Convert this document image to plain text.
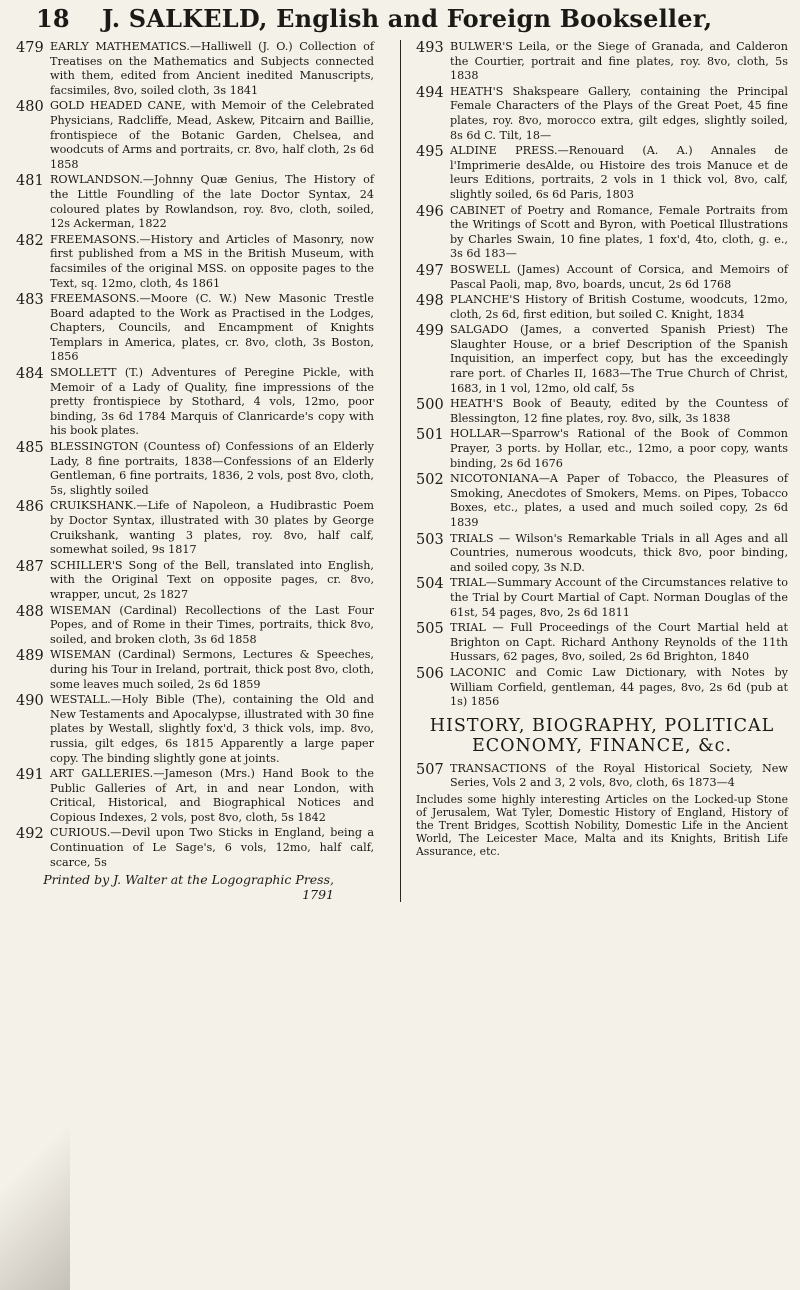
18 J. SALKELD, English and Foreign Bookseller,
479 EARLY MATHEMATICS.—Halliwell (J. O.) Collection of Treatises on the Mathematics and Subjects connected with them, edited from Ancient inedited Manuscripts, facsimiles, 8vo, soiled cloth, 3s 1841
480 GOLD HEADED CANE, with Memoir of the Celebrated Physicians, Radcliffe, Mead, Askew, Pitcairn and Baillie, frontispiece of the Botanic Garden, Chelsea, and woodcuts of Arms and portraits, cr. 8vo, half cloth, 2s 6d 1858
481 ROWLANDSON.—Johnny Quæ Genius, The History of the Little Foundling of the late Doctor Syntax, 24 coloured plates by Rowlandson, roy. 8vo, cloth, soiled, 12s Ackerman, 1822
482 FREEMASONS.—History and Articles of Masonry, now first published from a MS in the British Museum, with facsimiles of the original MSS. on opposite pages to the Text, sq. 12mo, cloth, 4s 1861
483 FREEMASONS.—Moore (C. W.) New Masonic Trestle Board adapted to the Work as Practised in the Lodges, Chapters, Councils, and Encampment of Knights Templars in America, plates, cr. 8vo, cloth, 3s Boston, 1856
484 SMOLLETT (T.) Adventures of Peregine Pickle, with Memoir of a Lady of Quality, fine impressions of the pretty frontispiece by Stothard, 4 vols, 12mo, poor binding, 3s 6d 1784 Marquis of Clanricarde's copy with his book plates.
485 BLESSINGTON (Countess of) Confessions of an Elderly Lady, 8 fine portraits, 1838—Confessions of an Elderly Gentleman, 6 fine portraits, 1836, 2 vols, post 8vo, cloth, 5s, slightly soiled
486 CRUIKSHANK.—Life of Napoleon, a Hudibrastic Poem by Doctor Syntax, illustrated with 30 plates by George Cruikshank, wanting 3 plates, roy. 8vo, half calf, somewhat soiled, 9s 1817
487 SCHILLER'S Song of the Bell, translated into English, with the Original Text on opposite pages, cr. 8vo, wrapper, uncut, 2s 1827
488 WISEMAN (Cardinal) Recollections of the Last Four Popes, and of Rome in their Times, portraits, thick 8vo, soiled, and broken cloth, 3s 6d 1858
489 WISEMAN (Cardinal) Sermons, Lectures & Speeches, during his Tour in Ireland, portrait, thick post 8vo, cloth, some leaves much soiled, 2s 6d 1859
490 WESTALL.—Holy Bible (The), containing the Old and New Testaments and Apocalypse, illustrated with 30 fine plates by Westall, slightly fox'd, 3 thick vols, imp. 8vo, russia, gilt edges, 6s 1815 Apparently a large paper copy. The binding slightly gone at joints.
491 ART GALLERIES.—Jameson (Mrs.) Hand Book to the Public Galleries of Art, in and near London, with Critical, Historical, and Biographical Notices and Copious Indexes, 2 vols, post 8vo, cloth, 5s 1842
492 CURIOUS.—Devil upon Two Sticks in England, being a Continuation of Le Sage's, 6 vols, 12mo, half calf, scarce, 5s
Printed by J. Walter at the Logographic Press, 1791
493 BULWER'S Leila, or the Siege of Granada, and Calderon the Courtier, portrait and fine plates, roy. 8vo, cloth, 5s 1838
494 HEATH'S Shakspeare Gallery, containing the Principal Female Characters of the Plays of the Great Poet, 45 fine plates, roy. 8vo, morocco extra, gilt edges, slightly soiled, 8s 6d C. Tilt, 18—
495 ALDINE PRESS.—Renouard (A. A.) Annales de l'Imprimerie desAlde, ou Histoire des trois Manuce et de leurs Editions, portraits, 2 vols in 1 thick vol, 8vo, calf, slightly soiled, 6s 6d Paris, 1803
496 CABINET of Poetry and Romance, Female Portraits from the Writings of Scott and Byron, with Poetical Illustrations by Charles Swain, 10 fine plates, 1 fox'd, 4to, cloth, g. e., 3s 6d 183—
497 BOSWELL (James) Account of Corsica, and Memoirs of Pascal Paoli, map, 8vo, boards, uncut, 2s 6d 1768
498 PLANCHE'S History of British Costume, woodcuts, 12mo, cloth, 2s 6d, first edition, but soiled C. Knight, 1834
499 SALGADO (James, a converted Spanish Priest) The Slaughter House, or a brief Description of the Spanish Inquisition, an imperfect copy, but has the exceedingly rare port. of Charles II, 1683—The True Church of Christ, 1683, in 1 vol, 12mo, old calf, 5s
500 HEATH'S Book of Beauty, edited by the Countess of Blessington, 12 fine plates, roy. 8vo, silk, 3s 1838
501 HOLLAR—Sparrow's Rational of the Book of Common Prayer, 3 ports. by Hollar, etc., 12mo, a poor copy, wants binding, 2s 6d 1676
502 NICOTONIANA—A Paper of Tobacco, the Pleasures of Smoking, Anecdotes of Smokers, Mems. on Pipes, Tobacco Boxes, etc., plates, a used and much soiled copy, 2s 6d 1839
503 TRIALS — Wilson's Remarkable Trials in all Ages and all Countries, numerous woodcuts, thick 8vo, poor binding, and soiled copy, 3s N.D.
504 TRIAL—Summary Account of the Circumstances relative to the Trial by Court Martial of Capt. Norman Douglas of the 61st, 54 pages, 8vo, 2s 6d 1811
505 TRIAL — Full Proceedings of the Court Martial held at Brighton on Capt. Richard Anthony Reynolds of the 11th Hussars, 62 pages, 8vo, soiled, 2s 6d Brighton, 1840
506 LACONIC and Comic Law Dictionary, with Notes by William Corfield, gentleman, 44 pages, 8vo, 2s 6d (pub at 1s) 1856
HISTORY, BIOGRAPHY, POLITICAL ECONOMY, FINANCE, &c.
507 TRANSACTIONS of the Royal Historical Society, New Series, Vols 2 and 3, 2 vols, 8vo, cloth, 6s 1873—4
Includes some highly interesting Articles on the Locked-up Stone of Jerusalem, Wat Tyler, Domestic History of England, History of the Trent Bridges, Scottish Nobility, Domestic Life in the Ancient World, The Leicester Mace, Malta and its Knights, British Life Assurance, etc.
